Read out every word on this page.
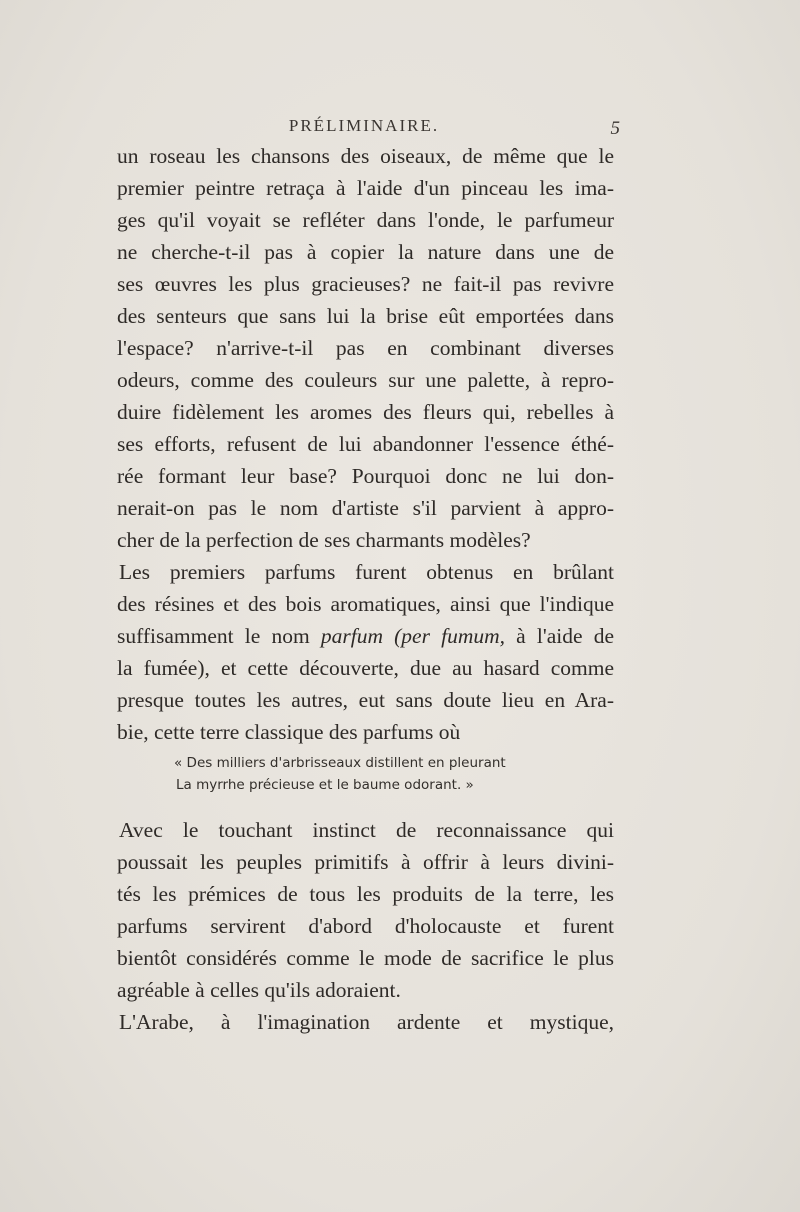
PRÉLIMINAIRE.	5
un roseau les chansons des oiseaux, de même que le
premier peintre retraça à l'aide d'un pinceau les ima-
ges qu'il voyait se refléter dans l'onde, le parfumeur
ne cherche-t-il pas à copier la nature dans une de
ses œuvres les plus gracieuses? ne fait-il pas revivre
des senteurs que sans lui la brise eût emportées dans
l'espace? n'arrive-t-il pas en combinant diverses
odeurs, comme des couleurs sur une palette, à repro-
duire fidèlement les aromes des fleurs qui, rebelles à
ses efforts, refusent de lui abandonner l'essence éthé-
rée formant leur base? Pourquoi donc ne lui don-
nerait-on pas le nom d'artiste s'il parvient à appro-
cher de la perfection de ses charmants modèles?
Les premiers parfums furent obtenus en brûlant
des résines et des bois aromatiques, ainsi que l'indique
suffisamment le nom parfum (per fumum, à l'aide de
la fumée), et cette découverte, due au hasard comme
presque toutes les autres, eut sans doute lieu en Ara-
bie, cette terre classique des parfums où
« Des milliers d'arbrisseaux distillent en pleurant
La myrrhe précieuse et le baume odorant. »
Avec le touchant instinct de reconnaissance qui
poussait les peuples primitifs à offrir à leurs divini-
tés les prémices de tous les produits de la terre, les
parfums servirent d'abord d'holocauste et furent
bientôt considérés comme le mode de sacrifice le plus
agréable à celles qu'ils adoraient.
L'Arabe, à l'imagination ardente et mystique,
